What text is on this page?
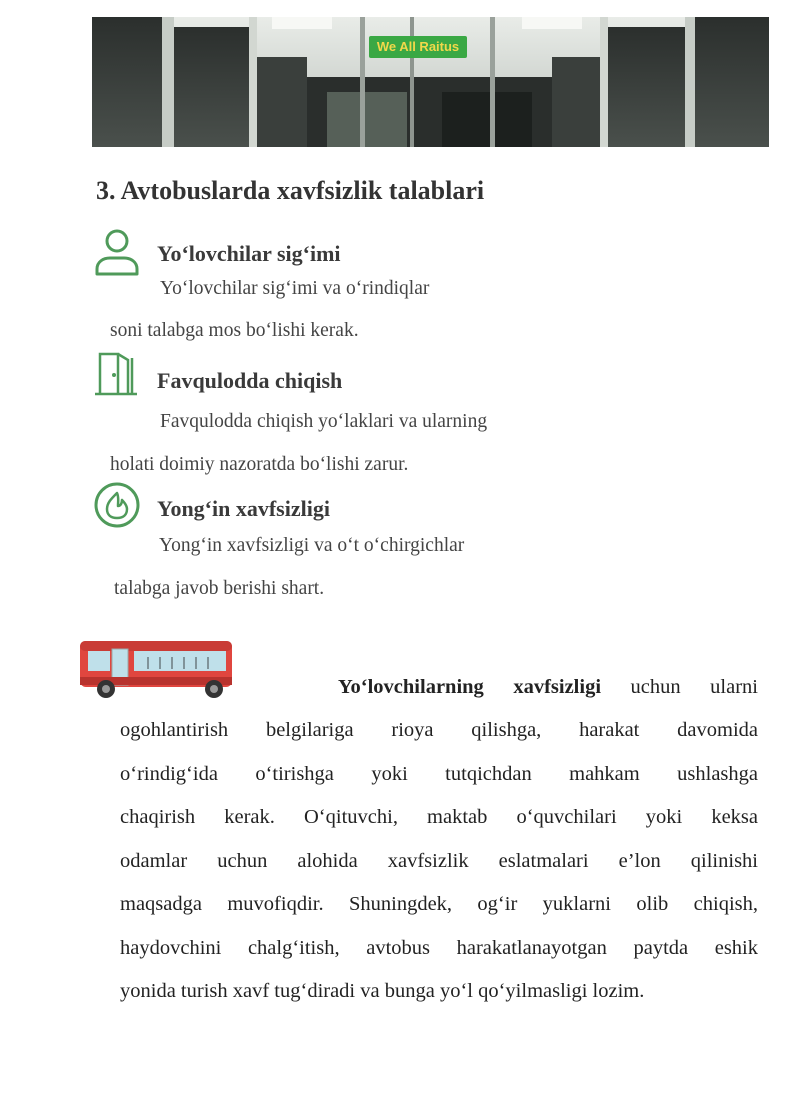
We All Raitus
3. Avtobuslarda xavfsizlik talablari
Yo‘lovchilar sig‘imi
Yo‘lovchilar sig‘imi va o‘rindiqlar
soni talabga mos bo‘lishi kerak.
Favqulodda chiqish
Favqulodda chiqish yo‘laklari va ularning
holati doimiy nazoratda bo‘lishi zarur.
Yong‘in xavfsizligi
Yong‘in xavfsizligi va o‘t o‘chirgichlar
talabga javob berishi shart.
Yo‘lovchilarning xavfsizligi uchun ularni
ogohlantirish belgilariga rioya qilishga, harakat davomida
o‘rindig‘ida o‘tirishga yoki tutqichdan mahkam ushlashga
chaqirish kerak. O‘qituvchi, maktab o‘quvchilari yoki keksa
odamlar uchun alohida xavfsizlik eslatmalari e’lon qilinishi
maqsadga muvofiqdir. Shuningdek, og‘ir yuklarni olib chiqish,
haydovchini chalg‘itish, avtobus harakatlanayotgan paytda eshik
yonida turish xavf tug‘diradi va bunga yo‘l qo‘yilmasligi lozim.
